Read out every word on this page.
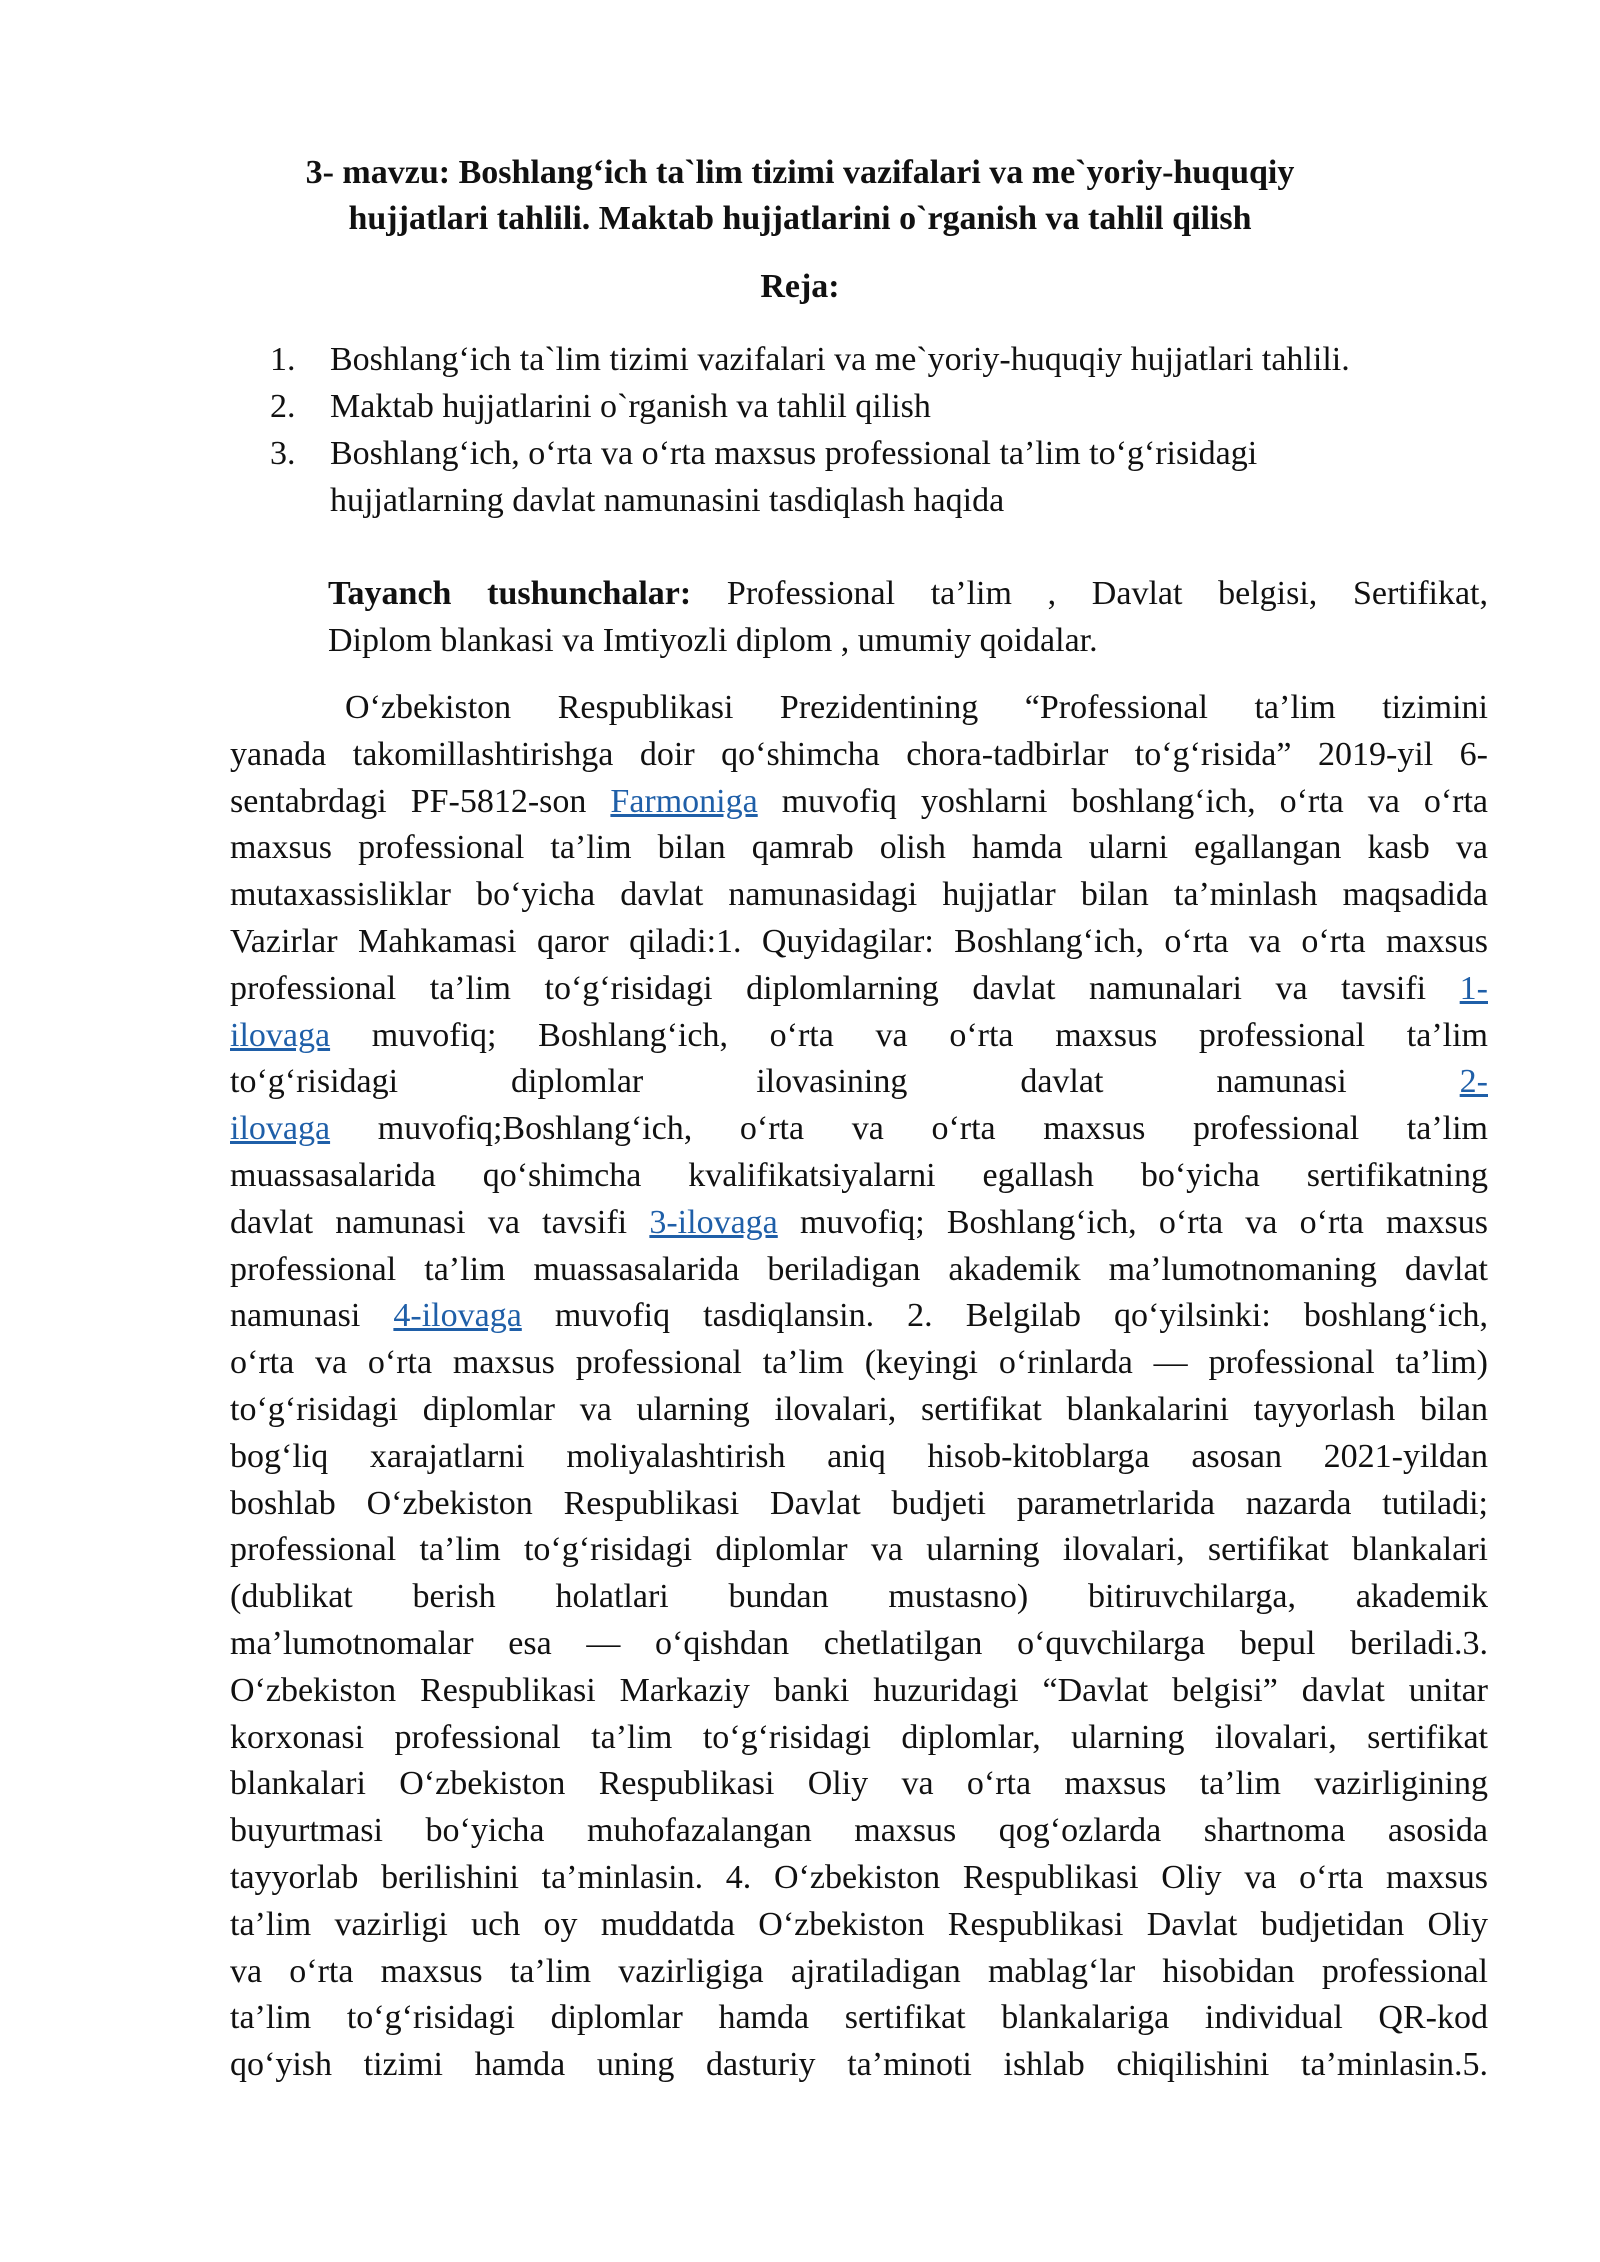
3- mavzu: Boshlang‘ich ta`lim tizimi vazifalari va me`yoriy-huquqiy
hujjatlari tahlili. Maktab hujjatlarini o`rganish va tahlil qilish
Reja:
1. Boshlang‘ich ta`lim tizimi vazifalari va me`yoriy-huquqiy hujjatlari tahlili.
2. Maktab hujjatlarini o`rganish va tahlil qilish
3. Boshlang‘ich, o‘rta va o‘rta maxsus professional ta’lim to‘g‘risidagi
hujjatlarning davlat namunasini tasdiqlash haqida
Tayanch tushunchalar: Professional ta’lim , Davlat belgisi, Sertifikat,
Diplom blankasi va Imtiyozli diplom , umumiy qoidalar.
O‘zbekiston Respublikasi Prezidentining “Professional ta’lim tizimini
yanada takomillashtirishga doir qo‘shimcha chora-tadbirlar to‘g‘risida” 2019-yil 6-
sentabrdagi PF-5812-son Farmoniga muvofiq yoshlarni boshlang‘ich, o‘rta va o‘rta
maxsus professional ta’lim bilan qamrab olish hamda ularni egallangan kasb va
mutaxassisliklar bo‘yicha davlat namunasidagi hujjatlar bilan ta’minlash maqsadida
Vazirlar Mahkamasi qaror qiladi:1. Quyidagilar: Boshlang‘ich, o‘rta va o‘rta maxsus
professional ta’lim to‘g‘risidagi diplomlarning davlat namunalari va tavsifi 1-
ilovaga muvofiq; Boshlang‘ich, o‘rta va o‘rta maxsus professional ta’lim
to‘g‘risidagi diplomlar ilovasining davlat namunasi	2-
ilovaga muvofiq;Boshlang‘ich, o‘rta va o‘rta maxsus professional ta’lim
muassasalarida qo‘shimcha kvalifikatsiyalarni egallash bo‘yicha sertifikatning
davlat namunasi va tavsifi 3-ilovaga muvofiq; Boshlang‘ich, o‘rta va o‘rta maxsus
professional ta’lim muassasalarida beriladigan akademik ma’lumotnomaning davlat
namunasi 4-ilovaga muvofiq tasdiqlansin. 2. Belgilab qo‘yilsinki: boshlang‘ich,
o‘rta va o‘rta maxsus professional ta’lim (keyingi o‘rinlarda — professional ta’lim)
to‘g‘risidagi diplomlar va ularning ilovalari, sertifikat blankalarini tayyorlash bilan
bog‘liq xarajatlarni moliyalashtirish aniq hisob-kitoblarga asosan 2021-yildan
boshlab O‘zbekiston Respublikasi Davlat budjeti parametrlarida nazarda tutiladi;
professional ta’lim to‘g‘risidagi diplomlar va ularning ilovalari, sertifikat blankalari
(dublikat berish holatlari bundan mustasno) bitiruvchilarga, akademik
ma’lumotnomalar esa — o‘qishdan chetlatilgan o‘quvchilarga bepul beriladi.3.
O‘zbekiston Respublikasi Markaziy banki huzuridagi “Davlat belgisi” davlat unitar
korxonasi professional ta’lim to‘g‘risidagi diplomlar, ularning ilovalari, sertifikat
blankalari O‘zbekiston Respublikasi Oliy va o‘rta maxsus ta’lim vazirligining
buyurtmasi bo‘yicha muhofazalangan maxsus qog‘ozlarda shartnoma asosida
tayyorlab berilishini ta’minlasin. 4. O‘zbekiston Respublikasi Oliy va o‘rta maxsus
ta’lim vazirligi uch oy muddatda O‘zbekiston Respublikasi Davlat budjetidan Oliy
va o‘rta maxsus ta’lim vazirligiga ajratiladigan mablag‘lar hisobidan professional
ta’lim to‘g‘risidagi diplomlar hamda sertifikat blankalariga individual QR-kod
qo‘yish tizimi hamda uning dasturiy ta’minoti ishlab chiqilishini ta’minlasin.5.
